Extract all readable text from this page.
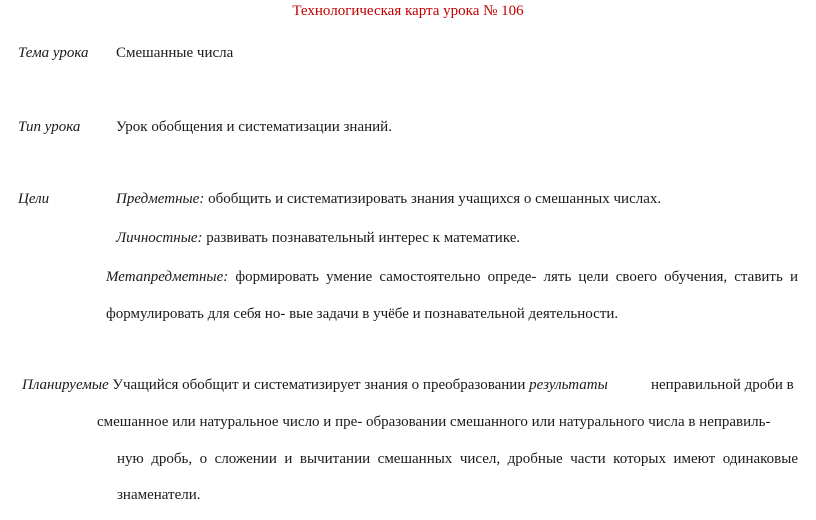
Технологическая карта урока № 106
Тема урока Смешанные числа
Тип урока Урок обобщения и систематизации знаний.
Цели	Предметные: обобщить и систематизировать знания учащихся о смешанных числах.
Личностные: развивать познавательный интерес к математике.
Метапредметные: формировать умение самостоятельно опреде- лять цели своего обучения, ставить и
формулировать для себя но- вые задачи в учёбе и познавательной деятельности.
Планируемые Учащийся обобщит и систематизирует знания о преобразовании результаты	неправильной дроби в
смешанное или натуральное число и пре- образовании смешанного или натурального числа в неправиль-
ную дробь, о сложении и вычитании смешанных чисел, дробные части которых имеют одинаковые
знаменатели.
